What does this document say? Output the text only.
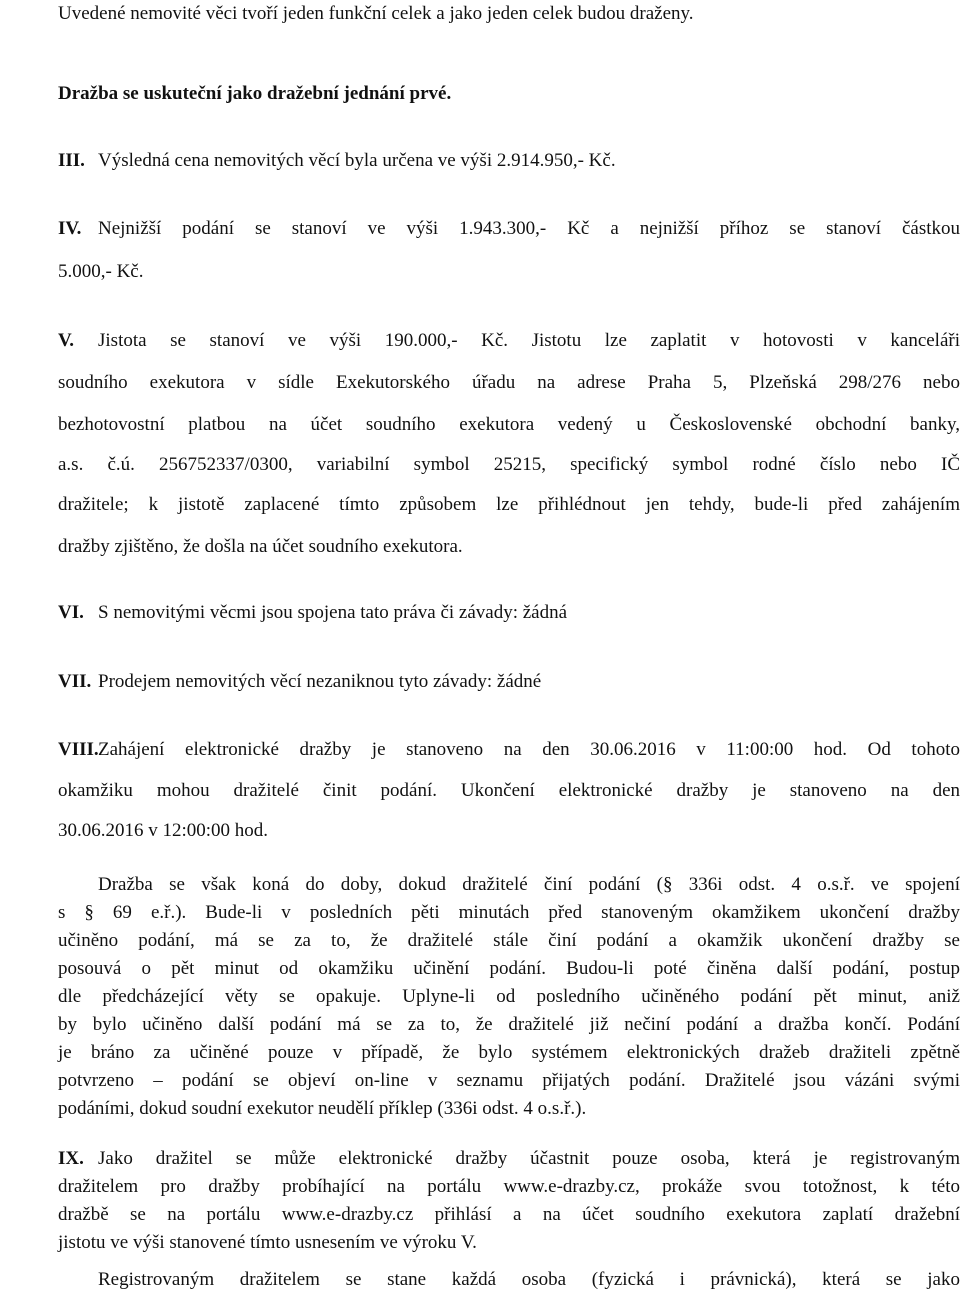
Uvedené nemovité věci tvoří jeden funkční celek a jako jeden celek budou draženy.
Dražba se uskuteční jako dražební jednání prvé.
III. Výsledná cena nemovitých věcí byla určena ve výši 2.914.950,- Kč.
IV. Nejnižší podání se stanoví ve výši 1.943.300,- Kč a nejnižší příhoz se stanoví částkou
5.000,- Kč.
V. Jistota se stanoví ve výši 190.000,- Kč. Jistotu lze zaplatit v hotovosti v kanceláři
soudního exekutora v sídle Exekutorského úřadu na adrese Praha 5, Plzeňská 298/276 nebo
bezhotovostní platbou na účet soudního exekutora vedený u Československé obchodní banky,
a.s. č.ú. 256752337/0300, variabilní symbol 25215, specifický symbol rodné číslo nebo IČ
dražitele; k jistotě zaplacené tímto způsobem lze přihlédnout jen tehdy, bude-li před zahájením
dražby zjištěno, že došla na účet soudního exekutora.
VI. S nemovitými věcmi jsou spojena tato práva či závady: žádná
VII. Prodejem nemovitých věcí nezaniknou tyto závady: žádné
VIII. Zahájení elektronické dražby je stanoveno na den 30.06.2016 v 11:00:00 hod. Od tohoto
okamžiku mohou dražitelé činit podání. Ukončení elektronické dražby je stanoveno na den
30.06.2016 v 12:00:00 hod.
Dražba se však koná do doby, dokud dražitelé činí podání (§ 336i odst. 4 o.s.ř. ve spojení
s § 69 e.ř.). Bude-li v posledních pěti minutách před stanoveným okamžikem ukončení dražby
učiněno podání, má se za to, že dražitelé stále činí podání a okamžik ukončení dražby se
posouvá o pět minut od okamžiku učinění podání. Budou-li poté činěna další podání, postup
dle předcházející věty se opakuje. Uplyne-li od posledního učiněného podání pět minut, aniž
by bylo učiněno další podání má se za to, že dražitelé již nečiní podání a dražba končí. Podání
je bráno za učiněné pouze v případě, že bylo systémem elektronických dražeb dražiteli zpětně
potvrzeno – podání se objeví on-line v seznamu přijatých podání. Dražitelé jsou vázáni svými
podáními, dokud soudní exekutor neudělí příklep (336i odst. 4 o.s.ř.).
IX. Jako dražitel se může elektronické dražby účastnit pouze osoba, která je registrovaným
dražitelem pro dražby probíhající na portálu www.e-drazby.cz, prokáže svou totožnost, k této
dražbě se na portálu www.e-drazby.cz přihlásí a na účet soudního exekutora zaplatí dražební
jistotu ve výši stanovené tímto usnesením ve výroku V.
Registrovaným dražitelem se stane každá osoba (fyzická i právnická), která se jako
